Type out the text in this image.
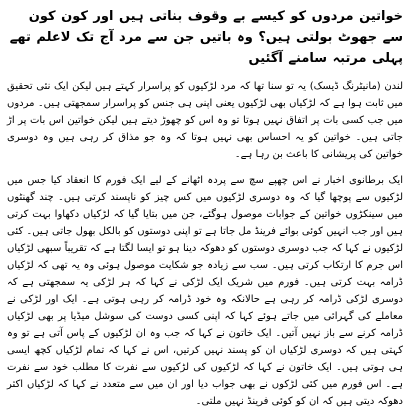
خواتین مردوں کو کیسے بے وقوف بناتی ہیں اور کون کون سے جھوٹ بولتی ہیں؟ وہ باتیں جن سے مرد آج تک لاعلم تھے پہلی مرتبہ سامنے آگئیں

لندن (مانیٹرنگ ڈیسک) یہ تو سنا تھا کہ مرد لڑکیوں کو پراسرار کہتے ہیں لیکن ایک نئی تحقیق میں ثابت ہوا ہے کہ لڑکیاں بھی لڑکیوں یعنی اپنی ہی جنس کو پراسرار سمجھتی ہیں۔ مردوں میں جب کسی بات پر اتفاق نہیں ہوتا تو وہ اس کو چھوڑ دیتے ہیں لیکن خواتین اس بات پر اڑ جاتی ہیں۔ خواتین کو یہ احساس بھی نہیں ہوتا کہ وہ جو مذاق کر رہی ہیں وہ دوسری خواتین کی پریشانی کا باعث بن رہا ہے۔

ایک برطانوی اخبار نے اس چھپے سچ سے پردہ اٹھانے کے لیے ایک فورم کا انعقاد کیا جس میں لڑکیوں سے پوچھا گیا کہ وہ دوسری لڑکیوں میں کس چیز کو ناپسند کرتی ہیں۔ چند گھنٹوں میں سینکڑوں خواتین کے جوابات موصول ہوگئے، جن میں بتایا گیا کہ لڑکیاں دکھاوا بہت کرتی ہیں اور جب انہیں کوئی بوائے فرینڈ مل جاتا ہے تو اپنی دوستوں کو بالکل بھول جاتی ہیں۔ کئی لڑکیوں نے کہا کہ جب دوسری دوستوں کو دھوکہ دینا ہو تو ایسا لگتا ہے کہ تقریباً سبھی لڑکیاں اس جرم کا ارتکاب کرتی ہیں۔ سب سے زیادہ جو شکایت موصول ہوئی وہ یہ تھی کہ لڑکیاں ڈرامہ بہت کرتی ہیں۔ فورم میں شریک ایک لڑکی نے کہا کہ ہر لڑکی یہ سمجھتی ہے کہ دوسری لڑکی ڈرامہ کر رہی ہے حالانکہ وہ خود ڈرامہ کر رہی ہوتی ہے۔ ایک اور لڑکی نے معاملے کی گہرائی میں جاتے ہوئے کہا کہ اپنی کسی دوست کی سوشل میڈیا پر بھی لڑکیاں ڈرامہ کرنے سے باز نہیں آتیں۔ ایک خاتون نے کہا کہ جب وہ ان لڑکیوں کے پاس آتی ہے تو وہ کہتی ہیں کہ دوسری لڑکیاں ان کو پسند نہیں کرتیں، اس نے کہا کہ تمام لڑکیاں کچھ ایسی ہی ہوتی ہیں۔ ایک خاتون نے کہا کہ لڑکیوں کی لڑکیوں سے نفرت کا مطلب خود سے نفرت ہے۔ اس فورم میں کئی لڑکوں نے بھی جواب دیا اور ان میں سے متعدد نے کہا کہ لڑکیاں اکثر دھوکہ دیتی ہیں کہ ان کو کوئی فرینڈ نہیں ملتی۔
